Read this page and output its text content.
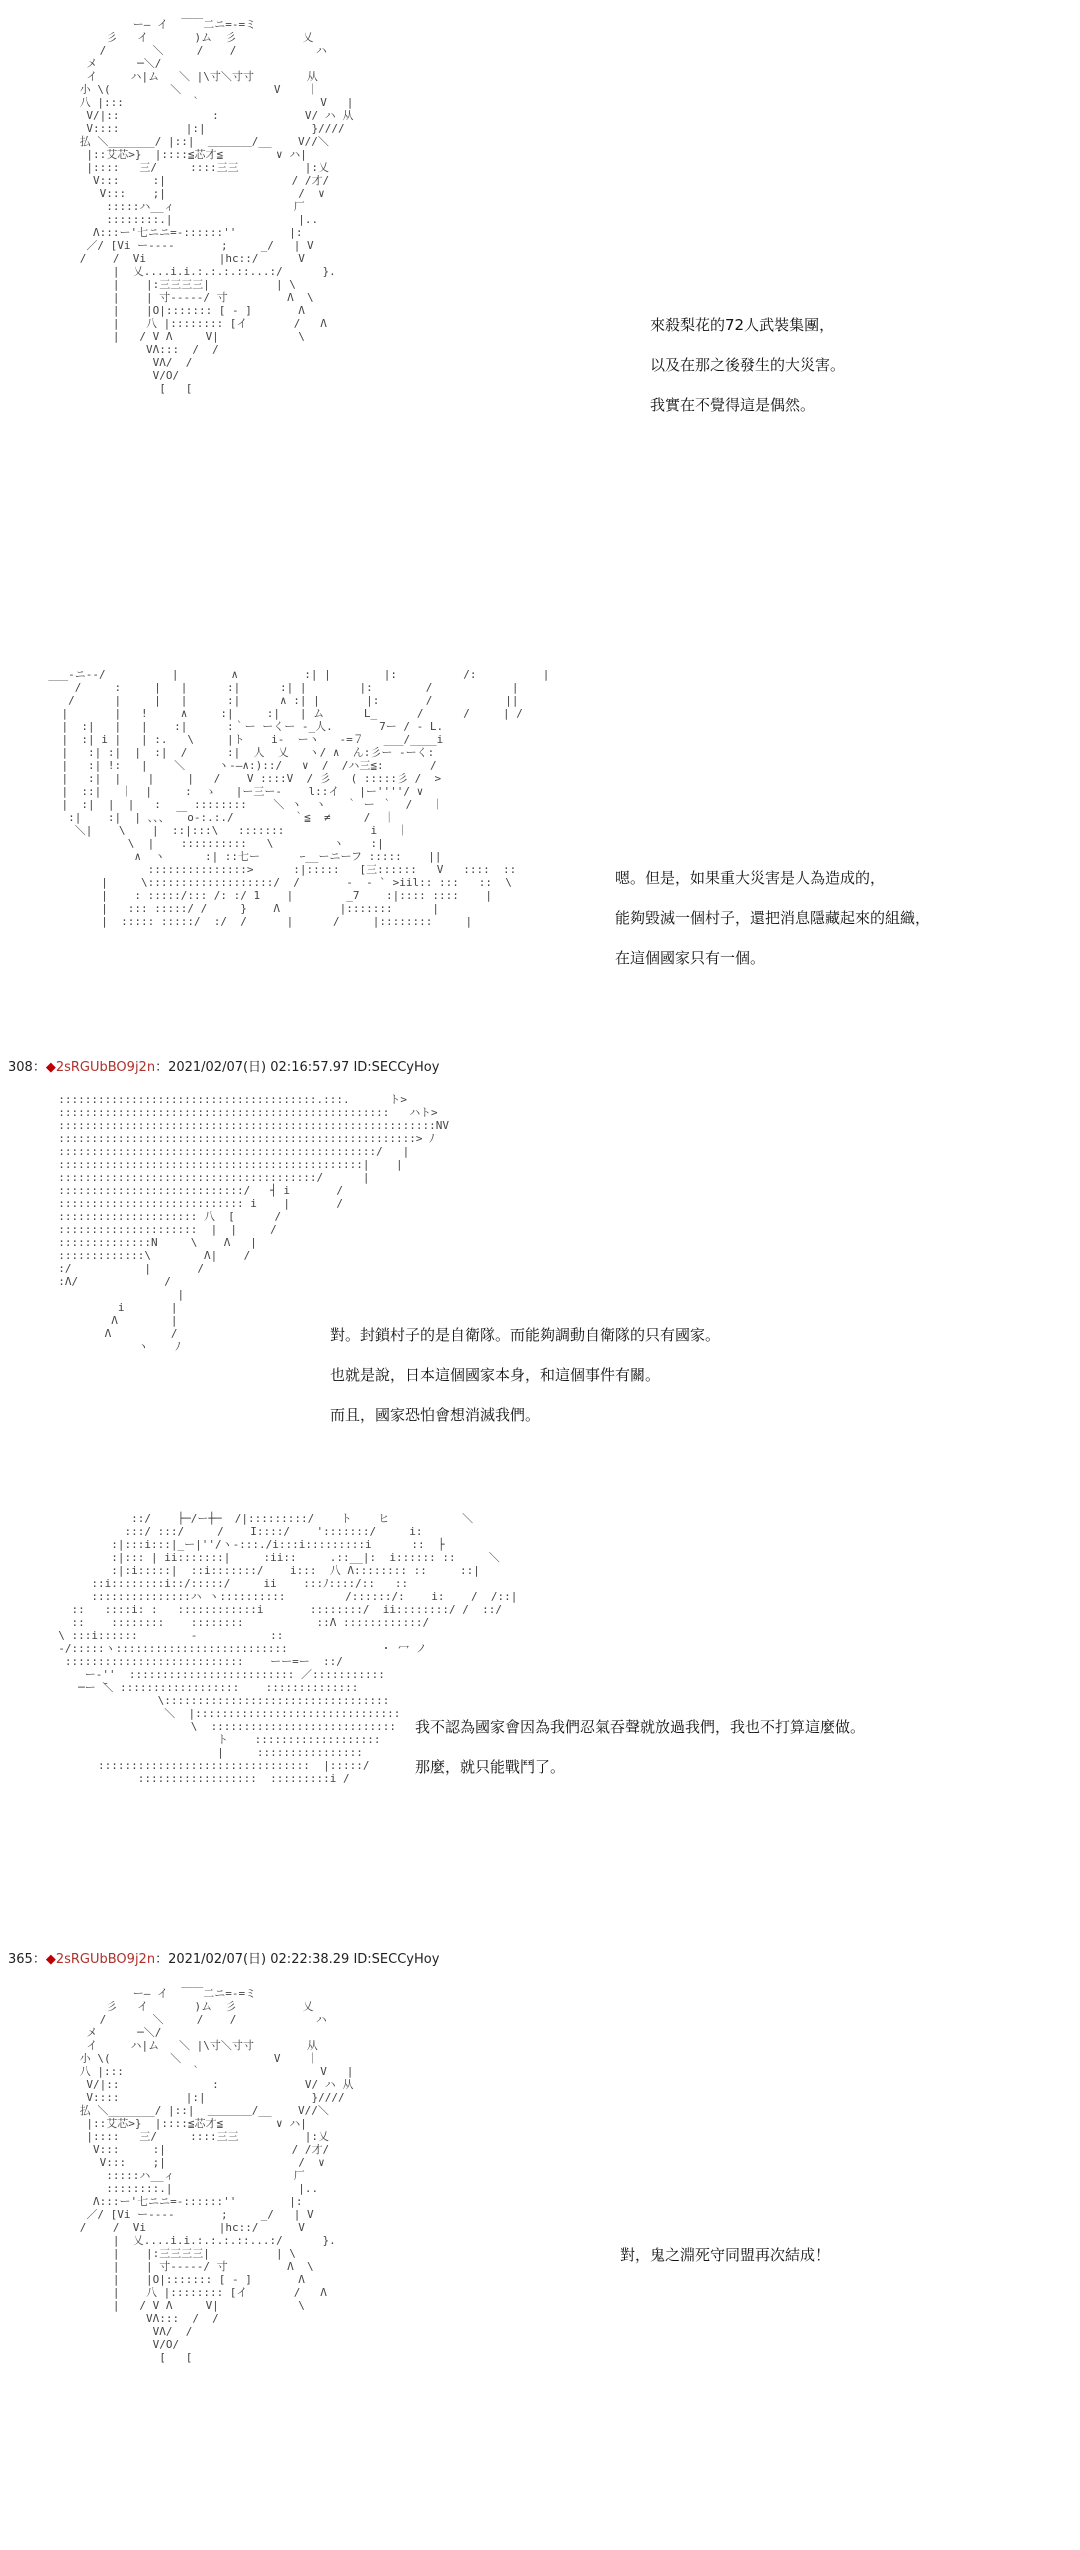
ー― イ  ￣￣二ニ=-=ミ
彡   イ       )ム  彡          乂
/       ＼     /    /            ハ
メ      ─＼/
イ     ハ|ム   ＼ |\寸＼寸寸        从
小 \(         ＼              V    ｜
八 |:::          ｀                  V   |
V/|::              :             V/ ハ 从
V::::          |:|                }////
払 ＼_______/ |::|  ＿＿＿＿/__    V//＼
|::艾芯>}  |::::≦芯才≦        ∨ ハ|
|::::   三/     ::::三三          |:乂
V:::     :|                   / /才/
V:::    ;|                    /  ∨
:::::ハ__ィ                  厂
::::::::.|                   |..
Λ:::ー'七ニニ=-::::::''        |:
／/ [Vi ー----       ;     _/   | V
/    /  Vi           |hc::/      V
|  乂....i.i.:.:.:.::...:/      }.
|    |:三三三三|          | \
|    | 寸-----/ 寸         Λ  \
|    |O|::::::: [ - ]       Λ
|    八 |:::::::: [イ       /   Λ
|   / V Λ     V|            \
VΛ:::  /  /
VΛ/  /
V/O/
[   [
來殺梨花的72人武裝集團，
以及在那之後發生的大災害。
我實在不覺得這是偶然。
___-ニ--/          |        ∧          :| |        |:          /:          |
/     :     |   |      :|      :| |        |:        /            |
/      |     |   |      :|      ∧ :| |       |:       /           ||
|       |   !     ∧     :|     :|   | ム      L_      /      /     | /
|  :|   |   |    :|      :｀ー ーくー ‐_人.       7ー / - L.
|  :| i |   | :.   \     |ト    i‐  ーヽ   -=７   ___/____i
|   :| :|  |  :|  /      :|  人  乂   ヽ/ ∧  ん:彡ー ‐ーく:
|   :| !:   |    ＼     ヽ-―∧:)::/   ∨  /  /ハ三≦:       /
|   :|  |    |     |   /    V ::::V  / 彡   ( :::::彡 /  >
|  ::|   ｜  |     :  ゝ   |ー三ー-    l::イ   |ー''''/ ∨
|  :|  |  |   :     ::::::::    ＼ ヽ  ヽ   ｀ ー ｀  /   ｜
:|    :|  | 、、、 ￣o-:.:./         ｀≦  ≠     /  ｜
＼|    \    |  ::|:::\   :::::::             i   ｜
\  |    ::::::::::   \         ヽ    :|
∧  ヽ      :| ::七ー      ｰ__ーニーフ :::::    ||
:::::::::::::::>      :|:::::   [三::::::   V   ::::  ::
|     \:::::::::::::::::::/  /       -  - ` >iil:: :::   ::  \
|    : :::::/::: /: :/ 1    |        _7    :|:::: ::::    |
|   ::: :::::/ /     }    Λ         |:::::::      |
|  ::::: :::::/  :/  /      |      /     |::::::::     |
嗯。但是，如果重大災害是人為造成的，
能夠毀滅一個村子，還把消息隱藏起來的組織，
在這個國家只有一個。
308：◆2sRGUbBO9j2n：2021/02/07(日) 02:16:57.97 ID:SECCyHoy
:::::::::::::::::::::::::::::::::::::::.:::.      ト>
::::::::::::::::::::::::::::::::::::::::::::::::::   ハト>
:::::::::::::::::::::::::::::::::::::::::::::::::::::::::NV
::::::::::::::::::::::::::::::::::::::::::::::::::::::> ﾉ
::::::::::::::::::::::::::::::::::::::::::::::::/   |
::::::::::::::::::::::::::::::::::::::::::::::|    |
:::::::::::::::::::::::::::::::::::::::/      |
::::::::::::::::::::::::::::/   ┤ i       /
:::::::::::::::::::::::::::: i    |       /
::::::::::::::::::::: 八  [      /
:::::::::::::::::::::  |  |     /
::::::::::::::N     \    Λ   |
:::::::::::::\        Λ|    /
:/           |       /
:Λ/             /
|
i       |
Λ        |
Λ         /
ヽ    ﾉ
對。封鎖村子的是自衛隊。而能夠調動自衛隊的只有國家。
也就是說，日本這個國家本身，和這個事件有關。
而且，國家恐怕會想消滅我們。
::/    ├─/ー┼─  /|:::::::::/    ト    ヒ           ＼
:::/ :::/     /    I::::/    ':::::::/     i:
:|:::i:::|_ー|''/ヽ-:::./i:::i:::::::::i      ::  ├
:|::: | ii:::::::|     :ii::     .::__|:  i:::::: ::     ＼
:|:i:::::|  ::i:::::::/    i:::  八 Λ:::::::: ::     ::|
::i::::::::i::/:::::/     ii    :::ﾉ::::/::   ::
:::::::::::::::ハ ヽ::::::::::         /::::::/:    i:    /  /::|
::   ::::i: :   ::::::::::::i       ::::::::/  ii::::::::/ /  ::/
::    ::::::::    ::::::::           ::Λ ::::::::::::/
\ :::i::::::        -           ::
‐/:::::ヽ::::::::::::::::::::::::::              ・ 冖 ノ
:::::::::::::::::::::::::::    ーー=ー  ::/
ー‐''  ::::::::::::::::::::::::: ／:::::::::::
─ー ̄＼ ::::::::::::::::::    ::::::::::::::
\::::::::::::::::::::::::::::::::::
＼  |:::::::::::::::::::::::::::::::
\  ::::::::::::::::::::::::::::
ト    :::::::::::::::::::
|     ::::::::::::::::
::::::::::::::::::::::::::::::::  |:::::/
::::::::::::::::::  :::::::::i /
我不認為國家會因為我們忍氣吞聲就放過我們，我也不打算這麼做。
那麼，就只能戰鬥了。
365：◆2sRGUbBO9j2n：2021/02/07(日) 02:22:38.29 ID:SECCyHoy
ー― イ  ￣￣二ニ=-=ミ
彡   イ       )ム  彡          乂
/       ＼     /    /            ハ
メ      ─＼/
イ     ハ|ム   ＼ |\寸＼寸寸        从
小 \(         ＼              V    ｜
八 |:::          ｀                  V   |
V/|::              :             V/ ハ 从
V::::          |:|                }////
払 ＼_______/ |::|  ＿＿＿＿/__    V//＼
|::艾芯>}  |::::≦芯才≦        ∨ ハ|
|::::   三/     ::::三三          |:乂
V:::     :|                   / /才/
V:::    ;|                    /  ∨
:::::ハ__ィ                  厂
::::::::.|                   |..
Λ:::ー'七ニニ=-::::::''        |:
／/ [Vi ー----       ;     _/   | V
/    /  Vi           |hc::/      V
|  乂....i.i.:.:.:.::...:/      }.
|    |:三三三三|          | \
|    | 寸-----/ 寸         Λ  \
|    |O|::::::: [ - ]       Λ
|    八 |:::::::: [イ       /   Λ
|   / V Λ     V|            \
VΛ:::  /  /
VΛ/  /
V/O/
[   [
對，鬼之淵死守同盟再次結成！
